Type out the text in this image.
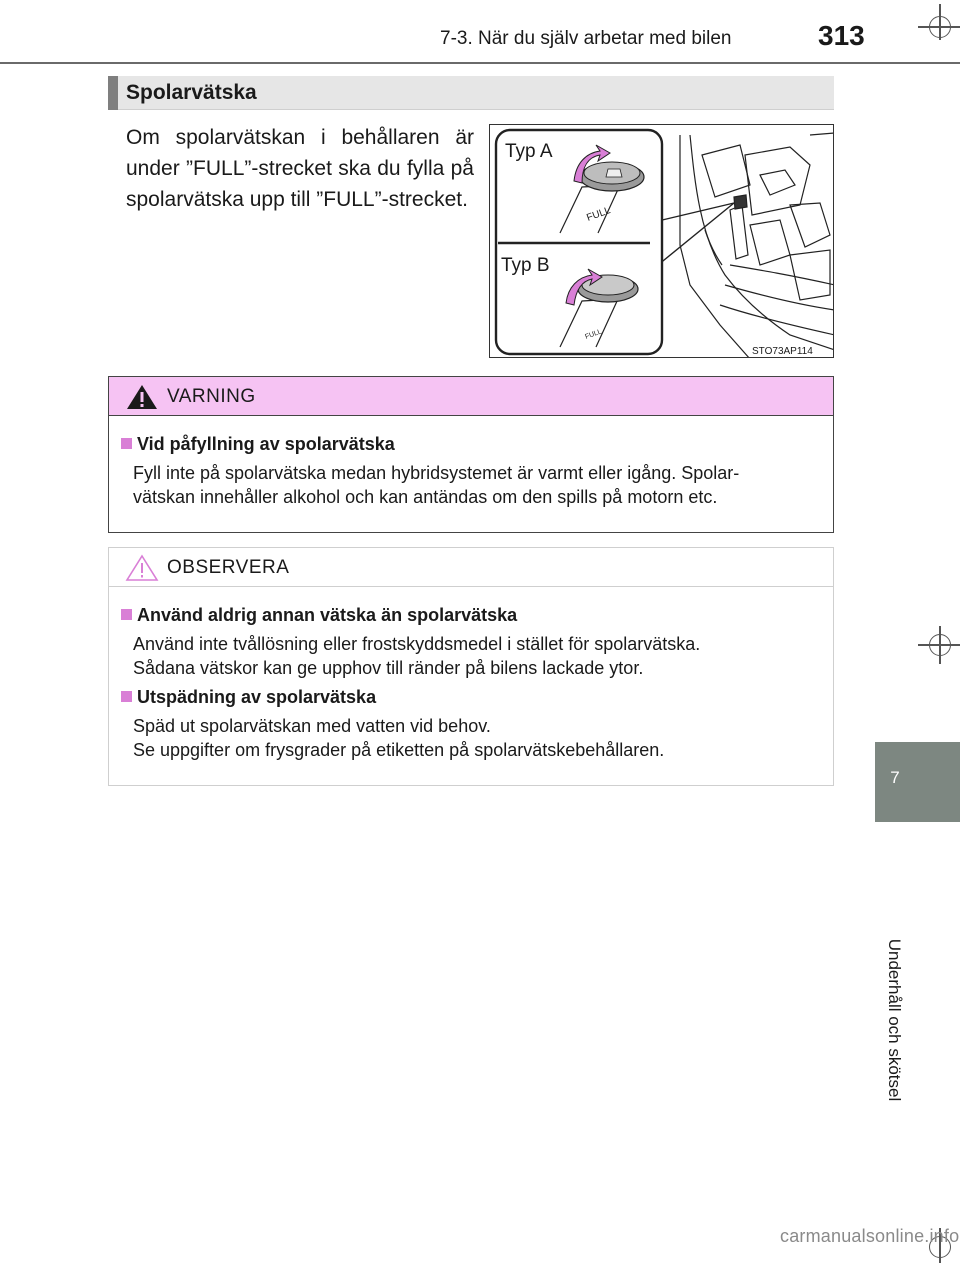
7-3. När du själv arbetar med bilen	313
Spolarvätska
Om spolarvätskan i behållaren är under ”FULL”-strecket ska du fylla på spolarvätska upp till ”FULL”-strecket.
FULL
FULL
Typ A
Typ B
STO73AP114
VARNING
Vid påfyllning av spolarvätska
Fyll inte på spolarvätska medan hybridsystemet är varmt eller igång. Spolar-
vätskan innehåller alkohol och kan antändas om den spills på motorn etc.
OBSERVERA
Använd aldrig annan vätska än spolarvätska
Använd inte tvållösning eller frostskyddsmedel i stället för spolarvätska.
Sådana vätskor kan ge upphov till ränder på bilens lackade ytor.
Utspädning av spolarvätska
Späd ut spolarvätskan med vatten vid behov.
Se uppgifter om frysgrader på etiketten på spolarvätskebehållaren.
7
Underhåll och skötsel
carmanualsonline.info
